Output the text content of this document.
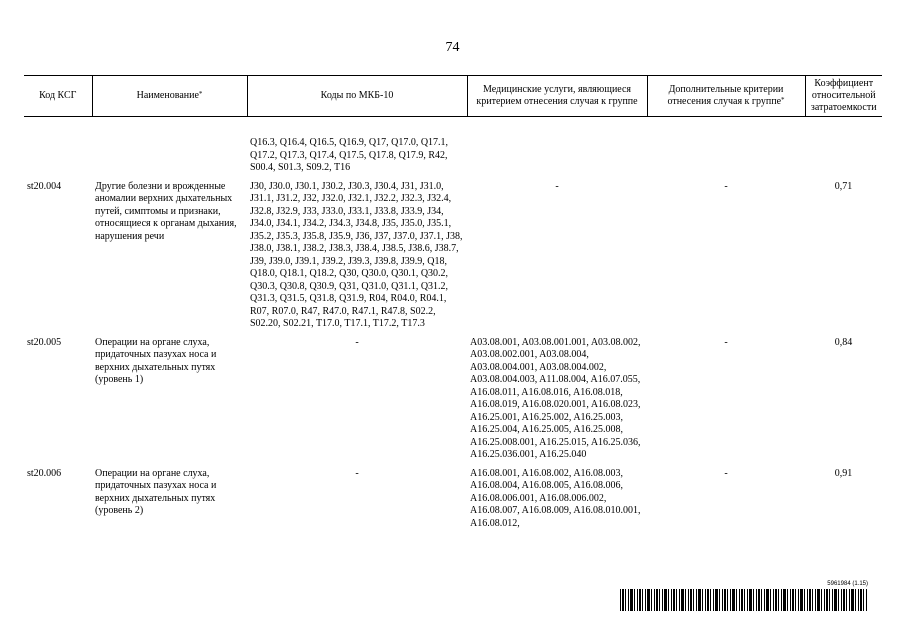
74
Код КСГ	Наименование*	Коды по МКБ-10	Медицинские услуги, являющиеся критерием отнесения случая к группе	Дополнительные критерии отнесения случая к группе*	Коэффициент относительной затратоемкости

		Q16.3, Q16.4, Q16.5, Q16.9, Q17, Q17.0, Q17.1, Q17.2, Q17.3, Q17.4, Q17.5, Q17.8, Q17.9, R42, S00.4, S01.3, S09.2, T16			
st20.004	Другие болезни и врожденные аномалии верхних дыхательных путей, симптомы и признаки, относящиеся к органам дыхания, нарушения речи	J30, J30.0, J30.1, J30.2, J30.3, J30.4, J31, J31.0, J31.1, J31.2, J32, J32.0, J32.1, J32.2, J32.3, J32.4, J32.8, J32.9, J33, J33.0, J33.1, J33.8, J33.9, J34, J34.0, J34.1, J34.2, J34.3, J34.8, J35, J35.0, J35.1, J35.2, J35.3, J35.8, J35.9, J36, J37, J37.0, J37.1, J38, J38.0, J38.1, J38.2, J38.3, J38.4, J38.5, J38.6, J38.7, J39, J39.0, J39.1, J39.2, J39.3, J39.8, J39.9, Q18, Q18.0, Q18.1, Q18.2, Q30, Q30.0, Q30.1, Q30.2, Q30.3, Q30.8, Q30.9, Q31, Q31.0, Q31.1, Q31.2, Q31.3, Q31.5, Q31.8, Q31.9, R04, R04.0, R04.1, R07, R07.0, R47, R47.0, R47.1, R47.8, S02.2, S02.20, S02.21, T17.0, T17.1, T17.2, T17.3	-	-	0,71
st20.005	Операции на органе слуха, придаточных пазухах носа и верхних дыхательных путях (уровень 1)	-	A03.08.001, A03.08.001.001, A03.08.002, A03.08.002.001, A03.08.004, A03.08.004.001, A03.08.004.002, A03.08.004.003, A11.08.004, A16.07.055, A16.08.011, A16.08.016, A16.08.018, A16.08.019, A16.08.020.001, A16.08.023, A16.25.001, A16.25.002, A16.25.003, A16.25.004, A16.25.005, A16.25.008, A16.25.008.001, A16.25.015, A16.25.036, A16.25.036.001, A16.25.040	-	0,84
st20.006	Операции на органе слуха, придаточных пазухах носа и верхних дыхательных путях (уровень 2)	-	A16.08.001, A16.08.002, A16.08.003, A16.08.004, A16.08.005, A16.08.006, A16.08.006.001, A16.08.006.002, A16.08.007, A16.08.009, A16.08.010.001, A16.08.012,	-	0,91
5961984 (1.15)
